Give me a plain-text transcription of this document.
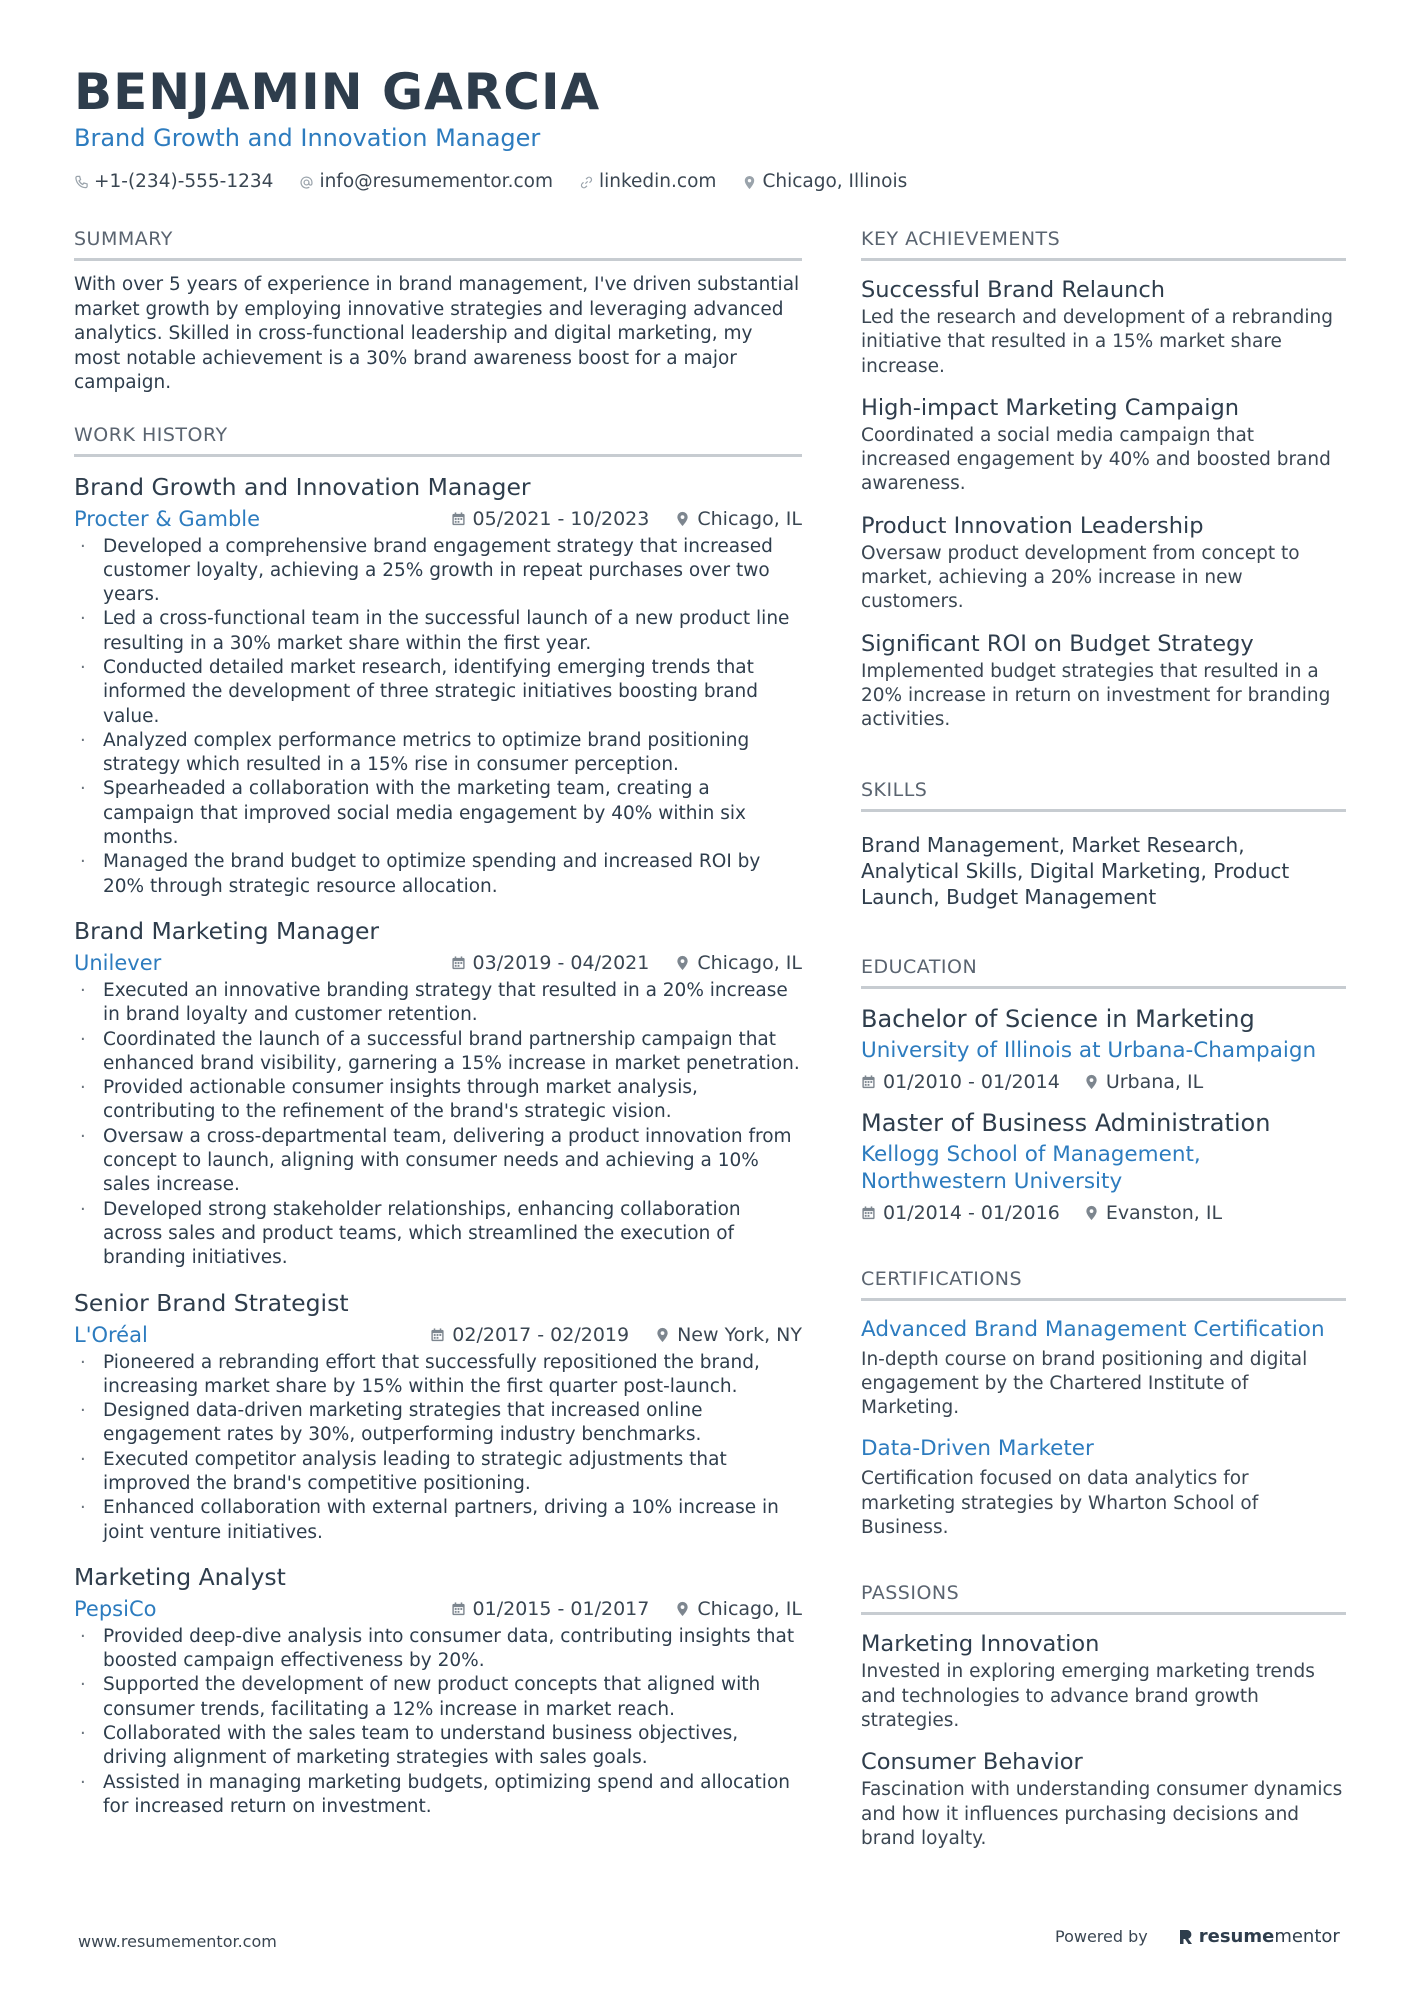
BENJAMIN GARCIA
Brand Growth and Innovation Manager
+1-(234)-555-1234 info@resumementor.com linkedin.com Chicago, Illinois
SUMMARY
With over 5 years of experience in brand management, I've driven substantial market growth by employing innovative strategies and leveraging advanced analytics. Skilled in cross-functional leadership and digital marketing, my most notable achievement is a 30% brand awareness boost for a major campaign.
WORK HISTORY
Brand Growth and Innovation Manager
Procter & Gamble	05/2021 - 10/2023	Chicago, IL
· Developed a comprehensive brand engagement strategy that increased customer loyalty, achieving a 25% growth in repeat purchases over two years.
· Led a cross-functional team in the successful launch of a new product line resulting in a 30% market share within the first year.
· Conducted detailed market research, identifying emerging trends that informed the development of three strategic initiatives boosting brand value.
· Analyzed complex performance metrics to optimize brand positioning strategy which resulted in a 15% rise in consumer perception.
· Spearheaded a collaboration with the marketing team, creating a campaign that improved social media engagement by 40% within six months.
· Managed the brand budget to optimize spending and increased ROI by 20% through strategic resource allocation.
Brand Marketing Manager
Unilever	03/2019 - 04/2021	Chicago, IL
· Executed an innovative branding strategy that resulted in a 20% increase in brand loyalty and customer retention.
· Coordinated the launch of a successful brand partnership campaign that enhanced brand visibility, garnering a 15% increase in market penetration.
· Provided actionable consumer insights through market analysis, contributing to the refinement of the brand's strategic vision.
· Oversaw a cross-departmental team, delivering a product innovation from concept to launch, aligning with consumer needs and achieving a 10% sales increase.
· Developed strong stakeholder relationships, enhancing collaboration across sales and product teams, which streamlined the execution of branding initiatives.
Senior Brand Strategist
L'Oréal	02/2017 - 02/2019	New York, NY
· Pioneered a rebranding effort that successfully repositioned the brand, increasing market share by 15% within the first quarter post-launch.
· Designed data-driven marketing strategies that increased online engagement rates by 30%, outperforming industry benchmarks.
· Executed competitor analysis leading to strategic adjustments that improved the brand's competitive positioning.
· Enhanced collaboration with external partners, driving a 10% increase in joint venture initiatives.
Marketing Analyst
PepsiCo	01/2015 - 01/2017	Chicago, IL
· Provided deep-dive analysis into consumer data, contributing insights that boosted campaign effectiveness by 20%.
· Supported the development of new product concepts that aligned with consumer trends, facilitating a 12% increase in market reach.
· Collaborated with the sales team to understand business objectives, driving alignment of marketing strategies with sales goals.
· Assisted in managing marketing budgets, optimizing spend and allocation for increased return on investment.
KEY ACHIEVEMENTS
Successful Brand Relaunch
Led the research and development of a rebranding initiative that resulted in a 15% market share increase.
High-impact Marketing Campaign
Coordinated a social media campaign that increased engagement by 40% and boosted brand awareness.
Product Innovation Leadership
Oversaw product development from concept to market, achieving a 20% increase in new customers.
Significant ROI on Budget Strategy
Implemented budget strategies that resulted in a 20% increase in return on investment for branding activities.
SKILLS
Brand Management, Market Research, Analytical Skills, Digital Marketing, Product Launch, Budget Management
EDUCATION
Bachelor of Science in Marketing
University of Illinois at Urbana-Champaign
01/2010 - 01/2014 Urbana, IL
Master of Business Administration
Kellogg School of Management, Northwestern University
01/2014 - 01/2016 Evanston, IL
CERTIFICATIONS
Advanced Brand Management Certification
In-depth course on brand positioning and digital engagement by the Chartered Institute of Marketing.
Data-Driven Marketer
Certification focused on data analytics for marketing strategies by Wharton School of Business.
PASSIONS
Marketing Innovation
Invested in exploring emerging marketing trends and technologies to advance brand growth strategies.
Consumer Behavior
Fascination with understanding consumer dynamics and how it influences purchasing decisions and brand loyalty.
www.resumementor.com	Powered by	resumementor
